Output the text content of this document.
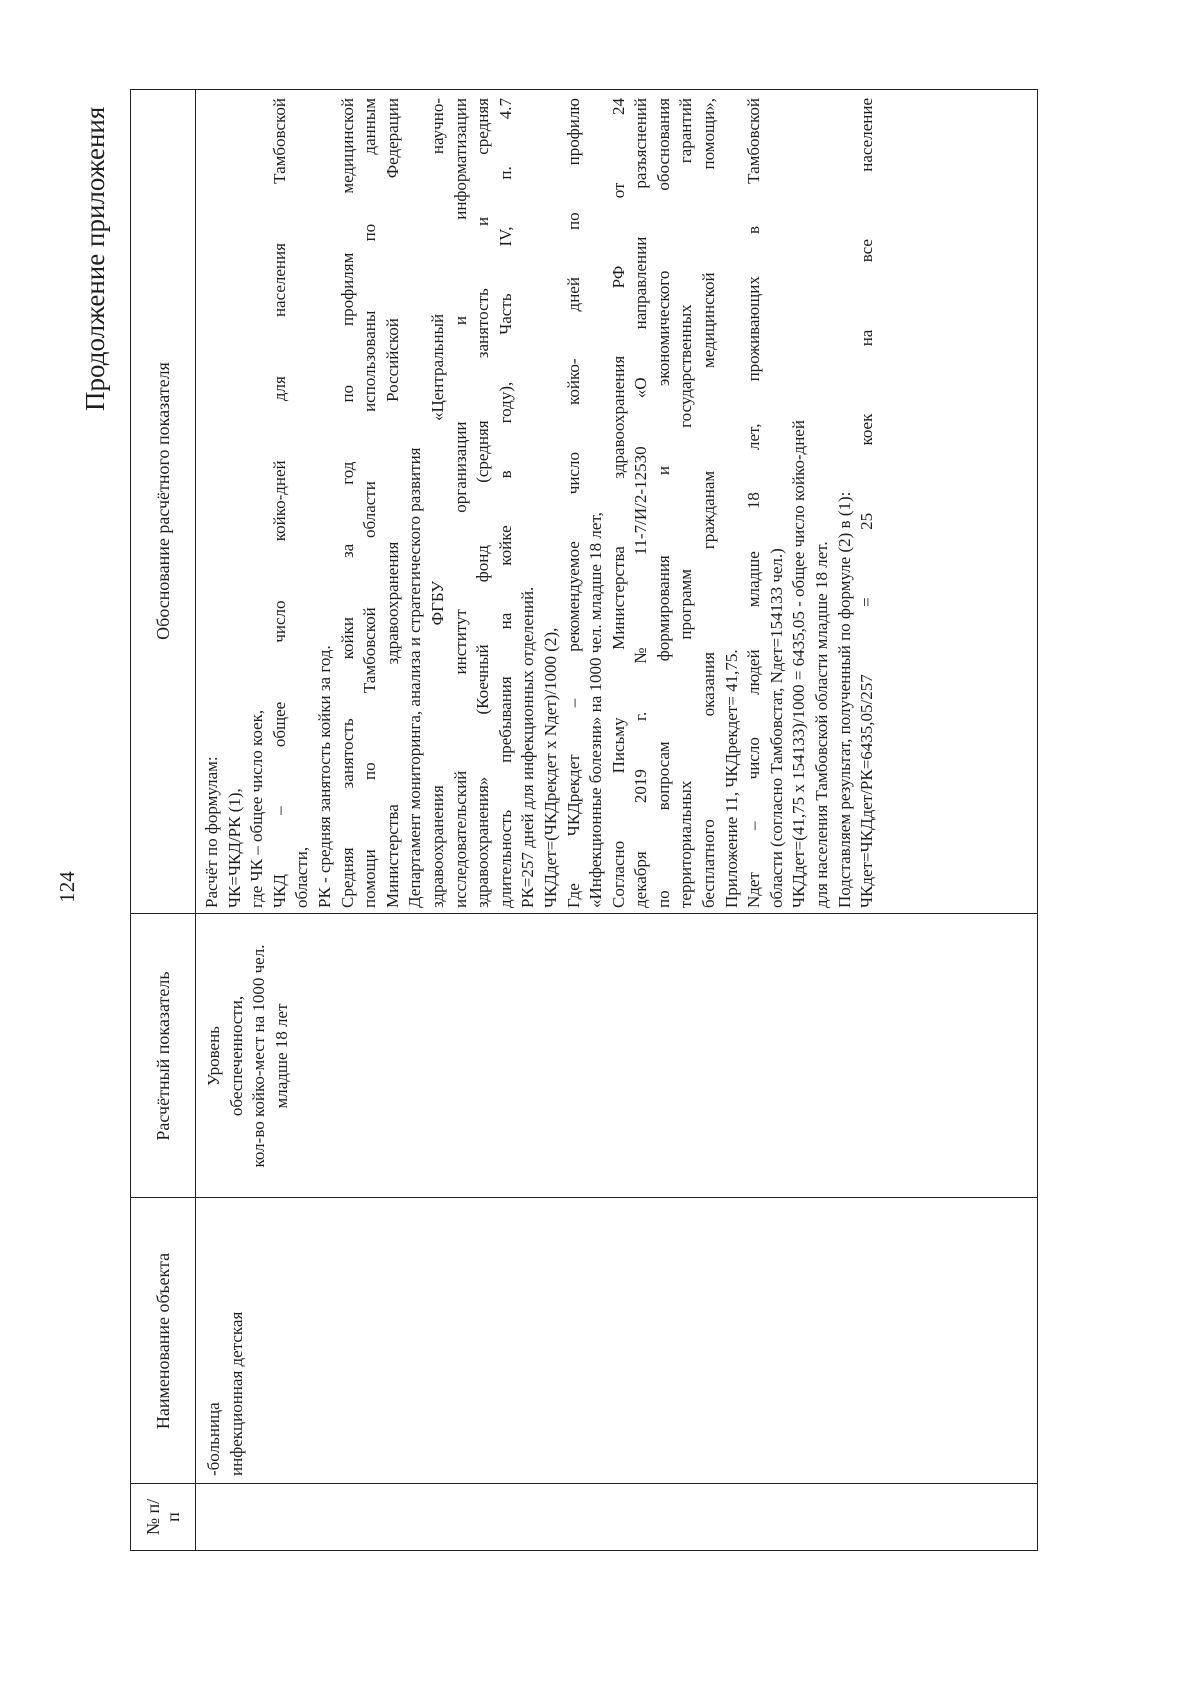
124
Продолжение приложения
№ п/п
Наименование объекта
Расчётный показатель
Обоснование расчётного показателя
-больница инфекционная детская
Уровень обеспеченности, кол-во койко-мест на 1000 чел. младше 18 лет
Расчёт по формулам: ЧК=ЧКД/РК (1), где ЧК – общее число коек, ЧКД – общее число койко-дней для населения Тамбовской области, РК - средняя занятость койки за год. Средняя занятость койки за год по профилям медицинской помощи по Тамбовской области использованы по данным Министерства здравоохранения Российской Федерации Департамент мониторинга, анализа и стратегического развития здравоохранения ФГБУ «Центральный научно- исследовательский институт организации и информатизации здравоохранения» (Коечный фонд (средняя занятость и средняя длительность пребывания на койке в году), Часть IV, п. 4.7 РК=257 дней для инфекционных отделений. ЧКДдет=(ЧКДрекдет х Nдет)/1000 (2), Где ЧКДрекдет – рекомендуемое число койко- дней по профилю «Инфекционные болезни» на 1000 чел. младше 18 лет, Согласно Письму Министерства здравоохранения РФ от 24 декабря 2019 г. № 11-7/И/2-12530 «О направлении разъяснений по вопросам формирования и экономического обоснования территориальных программ государственных гарантий бесплатного оказания гражданам медицинской помощи», Приложение 11, ЧКДрекдет= 41,75. Nдет – число людей младше 18 лет, проживающих в Тамбовской области (согласно Тамбовстат, Nдет=154133 чел.) ЧКДдет=(41,75 х 154133)/1000 = 6435,05 - общее число койко-дней для населения Тамбовской области младше 18 лет. Подставляем результат, полученный по формуле (2) в (1): ЧКдет=ЧКДдет/РК=6435,05/257 = 25 коек на все население
